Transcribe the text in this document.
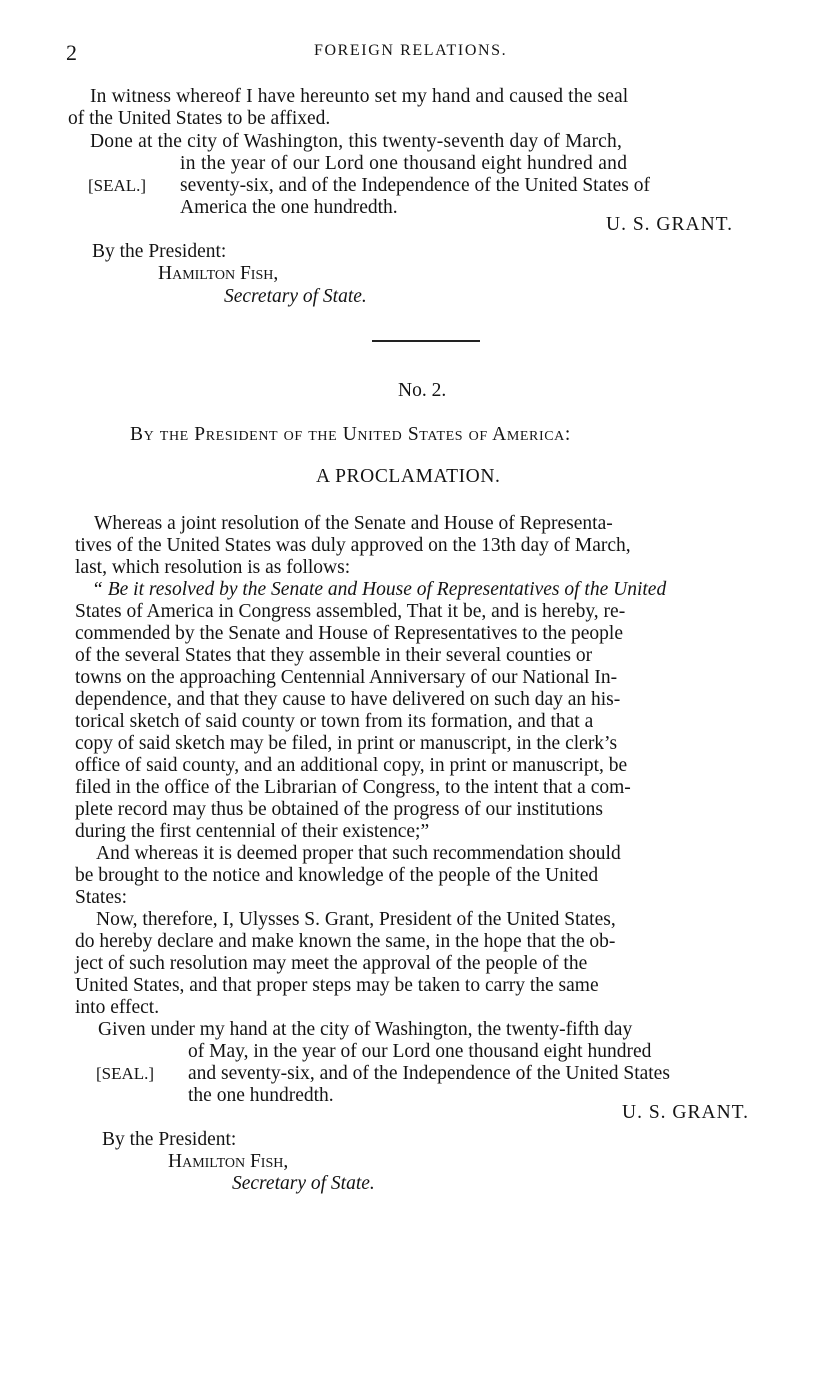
2	FOREIGN RELATIONS.
In witness whereof I have hereunto set my hand and caused the seal
of the United States to be affixed.
Done at the city of Washington, this twenty-seventh day of March,
in the year of our Lord one thousand eight hundred and
[SEAL.] seventy-six, and of the Independence of the United States of
America the one hundredth.
U. S. GRANT.
By the President:
Hamilton Fish,
Secretary of State.
No. 2.
By the President of the United States of America:
A PROCLAMATION.
Whereas a joint resolution of the Senate and House of Representa-
tives of the United States was duly approved on the 13th day of March,
last, which resolution is as follows:
“ Be it resolved by the Senate and House of Representatives of the United
States of America in Congress assembled, That it be, and is hereby, re-
commended by the Senate and House of Representatives to the people
of the several States that they assemble in their several counties or
towns on the approaching Centennial Anniversary of our National In-
dependence, and that they cause to have delivered on such day an his-
torical sketch of said county or town from its formation, and that a
copy of said sketch may be filed, in print or manuscript, in the clerk’s
office of said county, and an additional copy, in print or manuscript, be
filed in the office of the Librarian of Congress, to the intent that a com-
plete record may thus be obtained of the progress of our institutions
during the first centennial of their existence;”
And whereas it is deemed proper that such recommendation should
be brought to the notice and knowledge of the people of the United
States:
Now, therefore, I, Ulysses S. Grant, President of the United States,
do hereby declare and make known the same, in the hope that the ob-
ject of such resolution may meet the approval of the people of the
United States, and that proper steps may be taken to carry the same
into effect.
Given under my hand at the city of Washington, the twenty-fifth day
of May, in the year of our Lord one thousand eight hundred
[SEAL.] and seventy-six, and of the Independence of the United States
the one hundredth.
U. S. GRANT.
By the President:
Hamilton Fish,
Secretary of State.
